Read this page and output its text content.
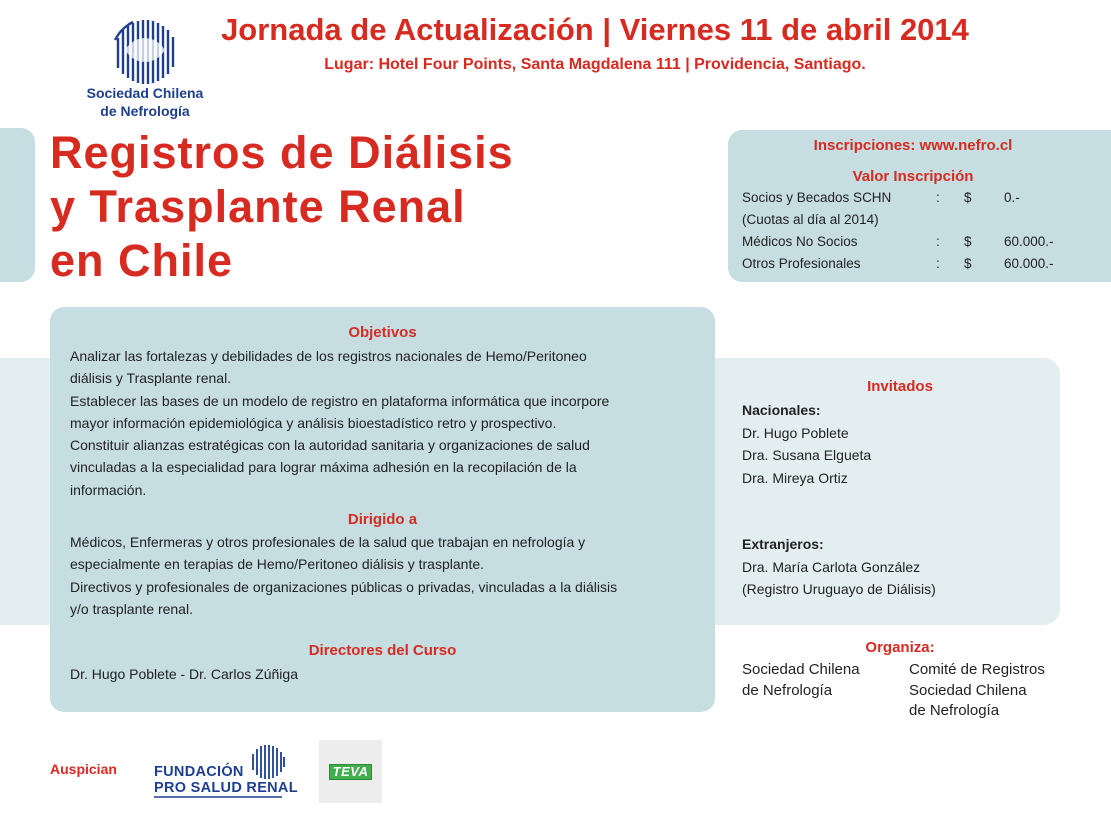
Sociedad Chilena
de Nefrología
Jornada de Actualización | Viernes 11 de abril 2014
Lugar: Hotel Four Points, Santa Magdalena 111 | Providencia, Santiago.
Registros de Diálisis
y Trasplante Renal
en Chile
Inscripciones: www.nefro.cl
Valor Inscripción
Socios y Becados SCHN	: $ 0.-
(Cuotas al día al 2014)
Médicos No Socios	: $ 60.000.-
Otros Profesionales	: $ 60.000.-
Objetivos
Analizar las fortalezas y debilidades de los registros nacionales de Hemo/Peritoneo
diálisis y Trasplante renal.
Establecer las bases de un modelo de registro en plataforma informática que incorpore
mayor información epidemiológica y análisis bioestadístico retro y prospectivo.
Constituir alianzas estratégicas con la autoridad sanitaria y organizaciones de salud
vinculadas a la especialidad para lograr máxima adhesión en la recopilación de la
información.
Dirigido a
Médicos, Enfermeras y otros profesionales de la salud que trabajan en nefrología y
especialmente en terapias de Hemo/Peritoneo diálisis y trasplante.
Directivos y profesionales de organizaciones públicas o privadas, vinculadas a la diálisis
y/o trasplante renal.
Directores del Curso
Dr. Hugo Poblete - Dr. Carlos Zúñiga
Invitados
Nacionales:
Dr. Hugo Poblete
Dra. Susana Elgueta
Dra. Mireya Ortiz
Extranjeros:
Dra. María Carlota González
(Registro Uruguayo de Diálisis)
Organiza:
Sociedad Chilena
de Nefrología
Comité de Registros
Sociedad Chilena
de Nefrología
Auspician	FUNDACIÓN
PRO SALUD RENAL
TEVA
